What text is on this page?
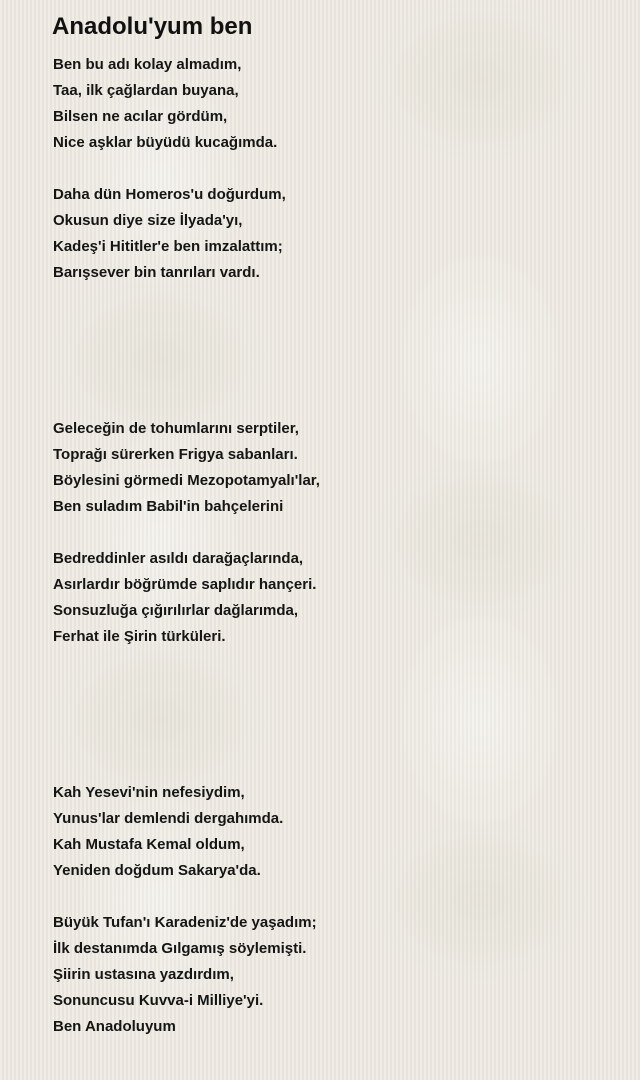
Anadolu'yum ben
Ben bu adı kolay almadım,
Taa, ilk çağlardan buyana,
Bilsen ne acılar gördüm,
Nice aşklar büyüdü kucağımda.
Daha dün Homeros'u doğurdum,
Okusun diye size İlyada'yı,
Kadeş'i Hititler'e ben imzalattım;
Barışsever bin tanrıları vardı.
Geleceğin de tohumlarını serptiler,
Toprağı sürerken Frigya sabanları.
Böylesini görmedi Mezopotamyalı'lar,
Ben suladım Babil'in bahçelerini
Bedreddinler asıldı darağaçlarında,
Asırlardır böğrümde saplıdır hançeri.
Sonsuzluğa çığırılırlar dağlarımda,
Ferhat ile Şirin türküleri.
Kah Yesevi'nin nefesiydim,
Yunus'lar demlendi dergahımda.
Kah Mustafa Kemal oldum,
Yeniden doğdum Sakarya'da.
Büyük Tufan'ı Karadeniz'de yaşadım;
İlk destanımda Gılgamış söylemişti.
Şiirin ustasına yazdırdım,
Sonuncusu Kuvva-i Milliye'yi.
Ben Anadoluyum
